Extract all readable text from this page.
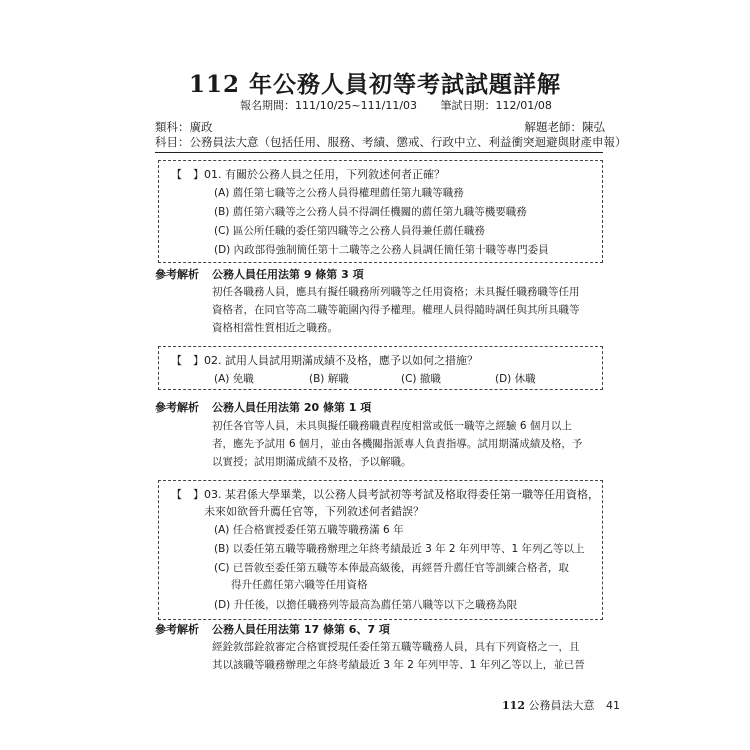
112 年公務人員初等考試試題詳解
報名期間：111/10/25~111/11/03 筆試日期：112/01/08
類科：廣政	解題老師：陳弘
科目：公務員法大意（包括任用、服務、考績、懲戒、行政中立、利益衝突迴避與財產申報）
【　】01. 有關於公務人員之任用，下列敘述何者正確？
(A) 薦任第七職等之公務人員得權理薦任第九職等職務
(B) 薦任第六職等之公務人員不得調任機關的薦任第九職等機要職務
(C) 區公所任職的委任第四職等之公務人員得兼任薦任職務
(D) 內政部得強制簡任第十二職等之公務人員調任簡任第十職等專門委員
參考解析 公務人員任用法第 9 條第 3 項
初任各職務人員，應具有擬任職務所列職等之任用資格；未具擬任職務職等任用
資格者，在同官等高二職等範圍內得予權理。權理人員得隨時調任與其所具職等
資格相當性質相近之職務。
【　】02. 試用人員試用期滿成績不及格，應予以如何之措施？
(A) 免職	(B) 解職	(C) 撤職	(D) 休職
參考解析 公務人員任用法第 20 條第 1 項
初任各官等人員，未具與擬任職務職責程度相當或低一職等之經驗 6 個月以上
者，應先予試用 6 個月，並由各機關指派專人負責指導。試用期滿成績及格，予
以實授；試用期滿成績不及格，予以解職。
【　】03. 某君係大學畢業，以公務人員考試初等考試及格取得委任第一職等任用資格，
未來如欲晉升薦任官等，下列敘述何者錯誤？
(A) 任合格實授委任第五職等職務滿 6 年
(B) 以委任第五職等職務辦理之年終考績最近 3 年 2 年列甲等、1 年列乙等以上
(C) 已晉敘至委任第五職等本俸最高級後，再經晉升薦任官等訓練合格者，取
得升任薦任第六職等任用資格
(D) 升任後，以擔任職務列等最高為薦任第八職等以下之職務為限
參考解析 公務人員任用法第 17 條第 6、7 項
經銓敘部銓敘審定合格實授現任委任第五職等職務人員，具有下列資格之一，且
其以該職等職務辦理之年終考績最近 3 年 2 年列甲等、1 年列乙等以上，並已晉
112 公務員法大意 41
